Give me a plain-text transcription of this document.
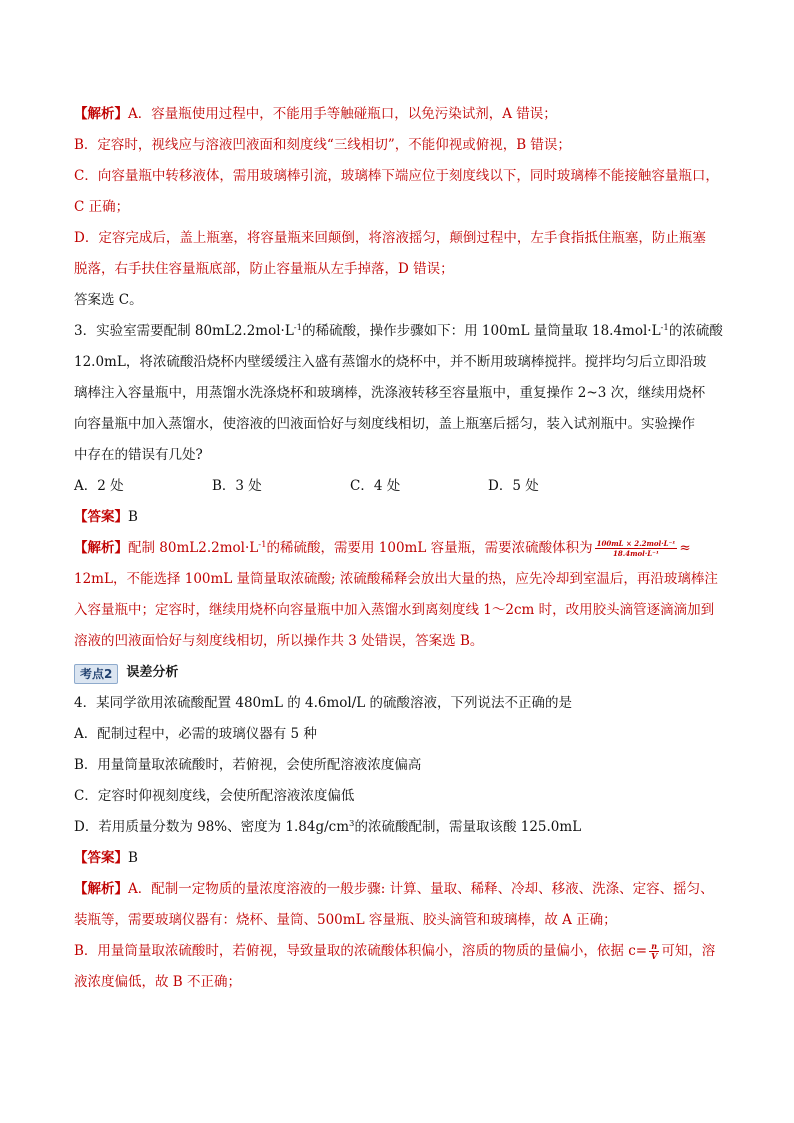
【解析】A．容量瓶使用过程中，不能用手等触碰瓶口，以免污染试剂，A 错误；
B．定容时，视线应与溶液凹液面和刻度线“三线相切”，不能仰视或俯视，B 错误；
C．向容量瓶中转移液体，需用玻璃棒引流，玻璃棒下端应位于刻度线以下，同时玻璃棒不能接触容量瓶口，
C 正确；
D．定容完成后，盖上瓶塞，将容量瓶来回颠倒，将溶液摇匀，颠倒过程中，左手食指抵住瓶塞，防止瓶塞
脱落，右手扶住容量瓶底部，防止容量瓶从左手掉落，D 错误；
答案选 C。
3．实验室需要配制 $80mL2.2mol\cdot L^{-1}$的稀硫酸，操作步骤如下：用 100mL 量筒量取 $18.4mol\cdot L^{-1}$的浓硫酸
12.0mL，将浓硫酸沿烧杯内壁缓缓注入盛有蒸馏水的烧杯中，并不断用玻璃棒搅拌。搅拌均匀后立即沿玻
璃棒注入容量瓶中，用蒸馏水洗涤烧杯和玻璃棒，洗涤液转移至容量瓶中，重复操作 2~3 次，继续用烧杯
向容量瓶中加入蒸馏水，使溶液的凹液面恰好与刻度线相切，盖上瓶塞后摇匀，装入试剂瓶中。实验操作
中存在的错误有几处?
A．2 处	B．3 处	C．4 处	D．5 处
【答案】B
【解析】配制 $80mL2.2mol\cdot L^{-1}$的稀硫酸，需要用 100mL 容量瓶，需要浓硫酸体积为 $\frac{\text{100mL × 2.2mol·L⁻¹}}{\text{18.4mol·L⁻¹}}$ ≈
12mL，不能选择 100mL 量筒量取浓硫酸; 浓硫酸稀释会放出大量的热，应先冷却到室温后，再沿玻璃棒注
入容量瓶中；定容时，继续用烧杯向容量瓶中加入蒸馏水到离刻度线 1～2cm 时，改用胶头滴管逐滴滴加到
溶液的凹液面恰好与刻度线相切，所以操作共 3 处错误，答案选 B。
考点2 误差分析
4．某同学欲用浓硫酸配置 480mL 的 4.6mol/L 的硫酸溶液，下列说法不正确的是
A．配制过程中，必需的玻璃仪器有 5 种
B．用量筒量取浓硫酸时，若俯视，会使所配溶液浓度偏高
C．定容时仰视刻度线，会使所配溶液浓度偏低
D．若用质量分数为 98%、密度为 $1.84g/cm^3$的浓硫酸配制，需量取该酸 125.0mL
【答案】B
【解析】A．配制一定物质的量浓度溶液的一般步骤: 计算、量取、稀释、冷却、移液、洗涤、定容、摇匀、
装瓶等，需要玻璃仪器有：烧杯、量筒、500mL 容量瓶、胶头滴管和玻璃棒，故 A 正确；
B．用量筒量取浓硫酸时，若俯视，导致量取的浓硫酸体积偏小，溶质的物质的量偏小，依据 $c= \frac{n}{V}$ 可知，溶
液浓度偏低，故 B 不正确；
